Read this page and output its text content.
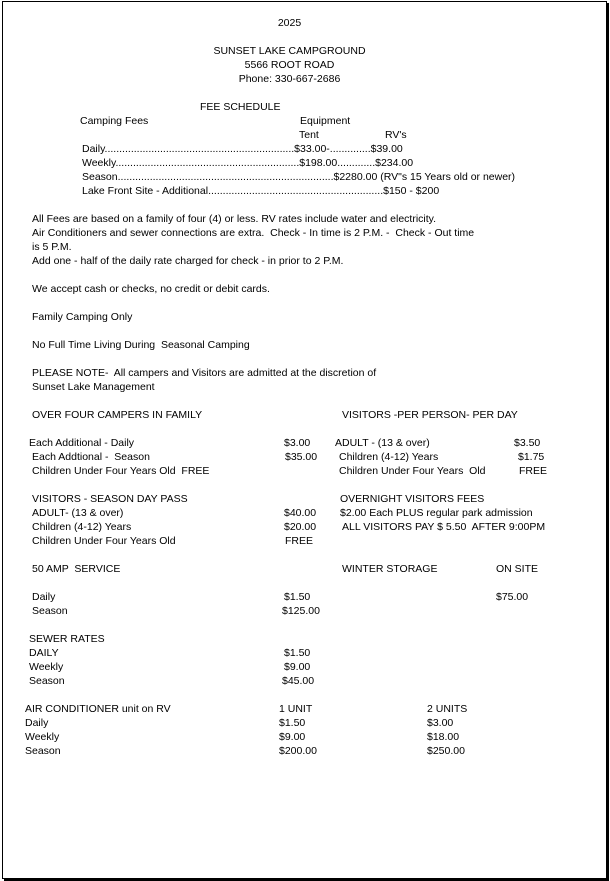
2025
SUNSET LAKE CAMPGROUND
5566 ROOT ROAD
Phone: 330-667-2686
FEE SCHEDULE
Camping Fees	Equipment
Tent	RV's
Daily.................................................................$33.00-..............$39.00
Weekly...............................................................$198.00.............$234.00
Season..........................................................................$2280.00 (RV"s 15 Years old or newer)
Lake Front Site - Additional............................................................$150 - $200
All Fees are based on a family of four (4) or less. RV rates include water and electricity.
Air Conditioners and sewer connections are extra.  Check - In time is 2 P.M. -  Check - Out time
is 5 P.M.
Add one - half of the daily rate charged for check - in prior to 2 P.M.
We accept cash or checks, no credit or debit cards.
Family Camping Only
No Full Time Living During  Seasonal Camping
PLEASE NOTE-  All campers and Visitors are admitted at the discretion of
Sunset Lake Management
OVER FOUR CAMPERS IN FAMILY
Each Additional - Daily	$3.00
Each Addtional -  Season	$35.00
Children Under Four Years Old  FREE
VISITORS -PER PERSON- PER DAY
ADULT - (13 & over)	$3.50
Children (4-12) Years	$1.75
Children Under Four Years  Old	FREE
VISITORS - SEASON DAY PASS
ADULT- (13 & over)	$40.00
Children (4-12) Years	$20.00
Children Under Four Years Old	FREE
OVERNIGHT VISITORS FEES
$2.00 Each PLUS regular park admission
ALL VISITORS PAY $ 5.50  AFTER 9:00PM
50 AMP  SERVICE
Daily	$1.50
Season	$125.00
WINTER STORAGE	ON SITE
$75.00
SEWER RATES
DAILY	$1.50
Weekly	$9.00
Season	$45.00
AIR CONDITIONER unit on RV	1 UNIT	2 UNITS
Daily	$1.50	$3.00
Weekly	$9.00	$18.00
Season	$200.00	$250.00
